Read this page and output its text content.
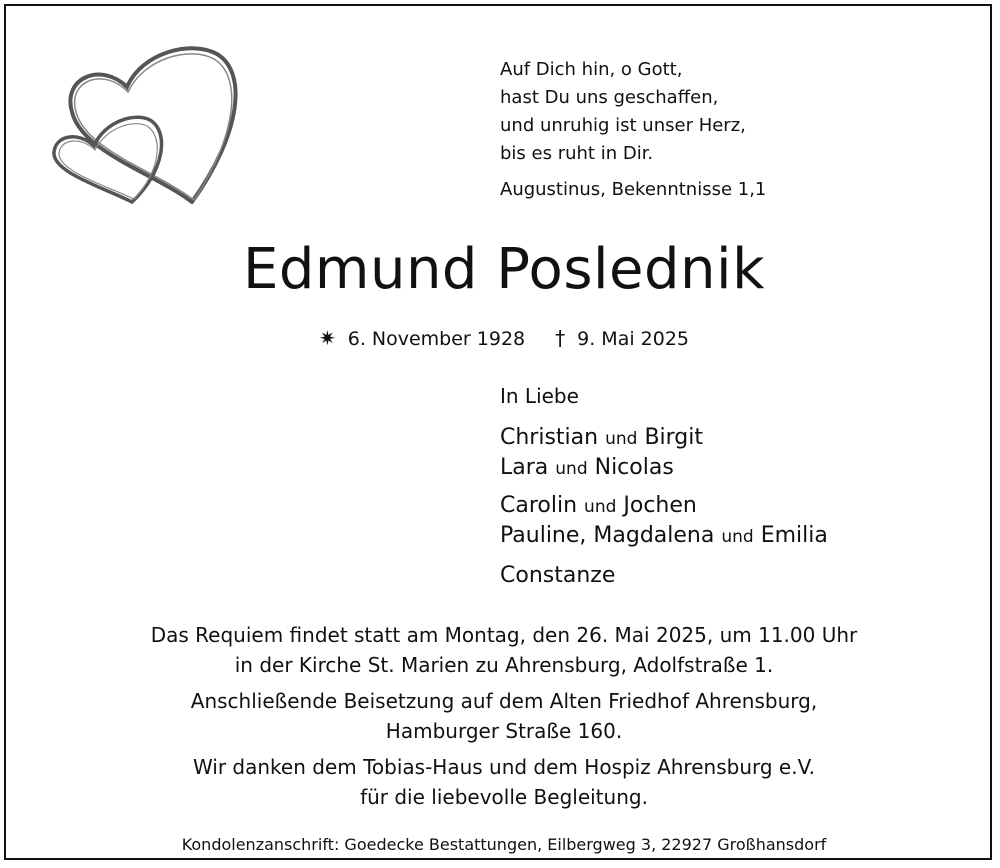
Auf Dich hin, o Gott,
hast Du uns geschaffen,
und unruhig ist unser Herz,
bis es ruht in Dir.
Augustinus, Bekenntnisse 1,1
Edmund Poslednik
✷ 6. November 1928 † 9. Mai 2025
In Liebe
Christian und Birgit
Lara und Nicolas
Carolin und Jochen
Pauline, Magdalena und Emilia
Constanze
Das Requiem findet statt am Montag, den 26. Mai 2025, um 11.00 Uhr
in der Kirche St. Marien zu Ahrensburg, Adolfstraße 1.
Anschließende Beisetzung auf dem Alten Friedhof Ahrensburg,
Hamburger Straße 160.
Wir danken dem Tobias-Haus und dem Hospiz Ahrensburg e.V.
für die liebevolle Begleitung.
Kondolenzanschrift: Goedecke Bestattungen, Eilbergweg 3, 22927 Großhansdorf
